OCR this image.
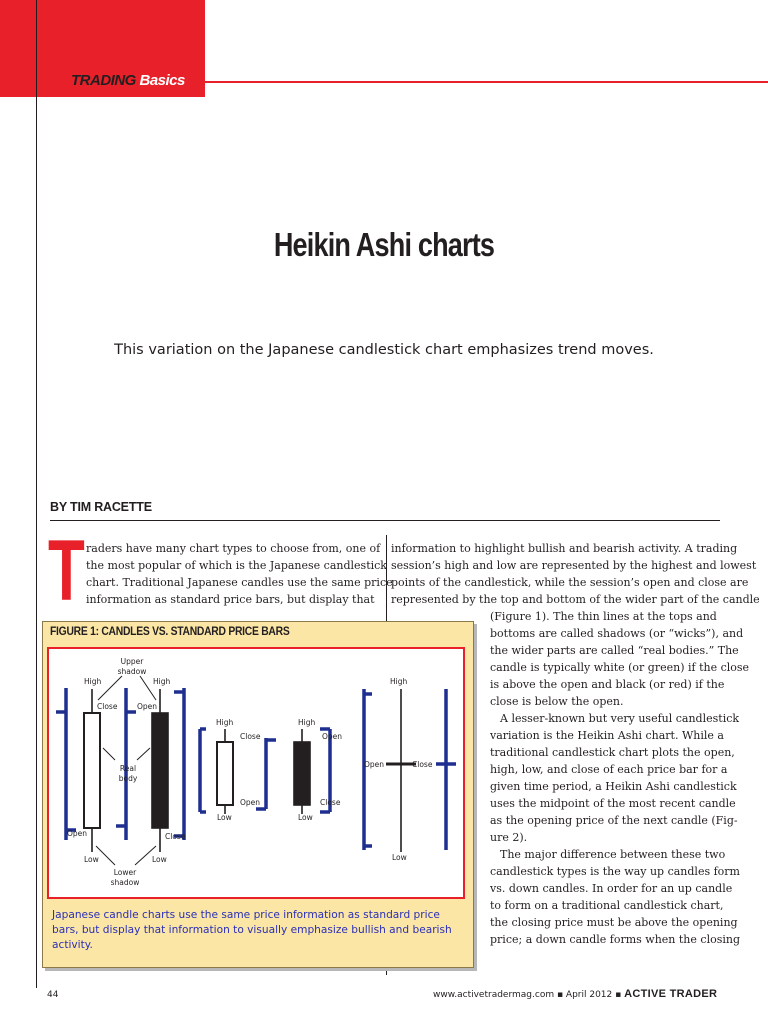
TRADING Basics
Heikin Ashi charts
This variation on the Japanese candlestick chart emphasizes trend moves.
BY TIM RACETTE
T raders have many chart types to choose from, one of
the most popular of which is the Japanese candlestick
chart. Traditional Japanese candles use the same price
information as standard price bars, but display that
information to highlight bullish and bearish activity. A trading
session’s high and low are represented by the highest and lowest
points of the candlestick, while the session’s open and close are
represented by the top and bottom of the wider part of the candle
(Figure 1). The thin lines at the tops and
bottoms are called shadows (or “wicks”), and
the wider parts are called “real bodies.” The
candle is typically white (or green) if the close
is above the open and black (or red) if the
close is below the open.
A lesser-known but very useful candlestick
variation is the Heikin Ashi chart. While a
traditional candlestick chart plots the open,
high, low, and close of each price bar for a
given time period, a Heikin Ashi candlestick
uses the midpoint of the most recent candle
as the opening price of the next candle (Fig-
ure 2).
The major difference between these two
candlestick types is the way up candles form
vs. down candles. In order for an up candle
to form on a traditional candlestick chart,
the closing price must be above the opening
price; a down candle forms when the closing
FIGURE 1: CANDLES VS. STANDARD PRICE BARS
Upper shadow
High	High
Close	Open
Real body
Open	Close
Low	Low
Lower shadow
High
Close
Open
Low
High
Open
Close
Low
High
Open	Close
Low
Japanese candle charts use the same price information as standard price bars, but display that information to visually emphasize bullish and bearish activity.
44	www.activetradermag.com ▪ April 2012 ▪ ACTIVE TRADER
